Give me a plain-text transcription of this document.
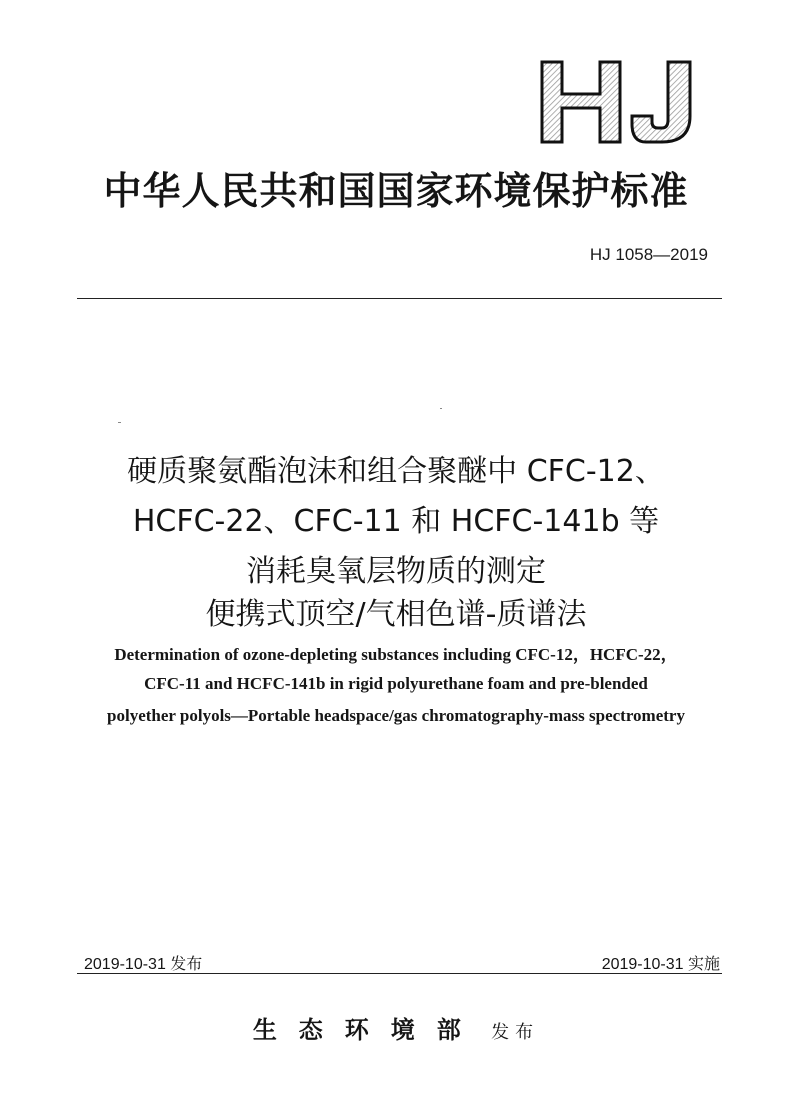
中华人民共和国国家环境保护标准
HJ 1058—2019
硬质聚氨酯泡沫和组合聚醚中 CFC-12、
HCFC-22、CFC-11 和 HCFC-141b 等
消耗臭氧层物质的测定
便携式顶空/气相色谱-质谱法
Determination of ozone-depleting substances including CFC-12，HCFC-22，
CFC-11 and HCFC-141b in rigid polyurethane foam and pre-blended
polyether polyols—Portable headspace/gas chromatography-mass spectrometry
2019-10-31 发布	2019-10-31 实施
生态环境部 发布
